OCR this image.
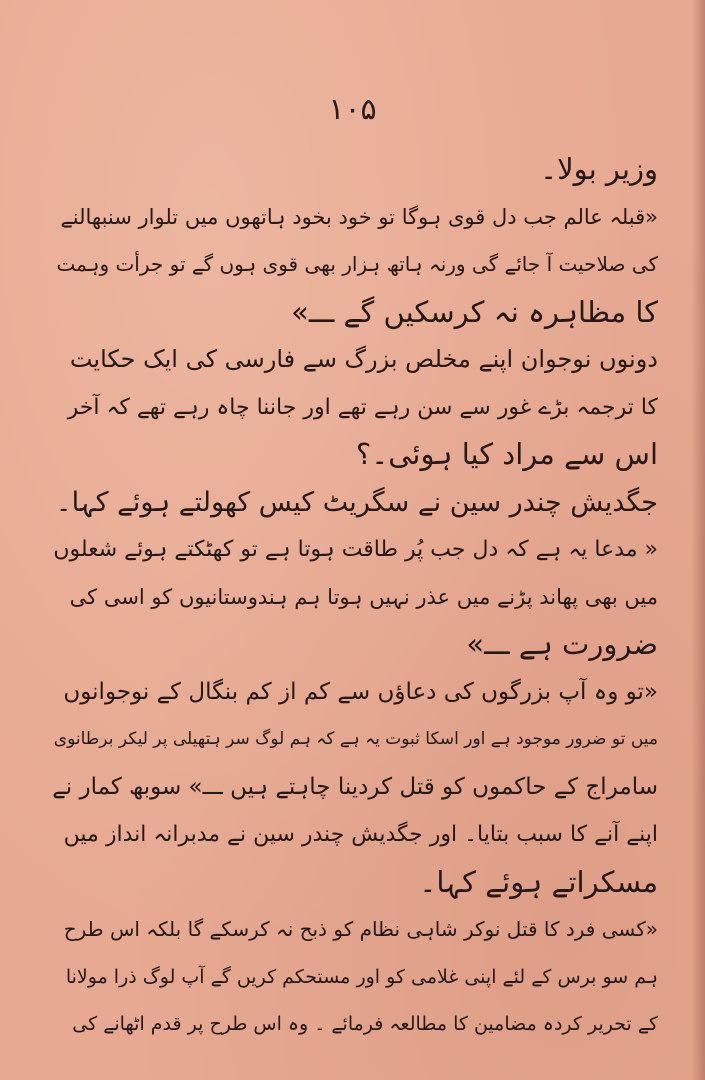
۱۰۵
وزیر بولا۔
«قبلہ عالم جب دل قوی ہوگا تو خود بخود ہاتھوں میں تلوار سنبھالنے
کی صلاحیت آ جائے گی ورنہ ہاتھ ہزار بھی قوی ہوں گے تو جرأت وہمت
کا مظاہرہ نہ کرسکیں گے ـــ»
دونوں نوجوان اپنے مخلص بزرگ سے فارسی کی ایک حکایت
کا ترجمہ بڑے غور سے سن رہے تھے اور جاننا چاہ رہے تھے کہ آخر
اس سے مراد کیا ہوئی۔؟
جگدیش چندر سین نے سگریٹ کیس کھولتے ہوئے کہا۔
« مدعا یہ ہے کہ دل جب پُر طاقت ہوتا ہے تو کھٹکتے ہوئے شعلوں
میں بھی پھاند پڑنے میں عذر نہیں ہوتا ہم ہندوستانیوں کو اسی کی
ضرورت ہے ـــ»
«تو وہ آپ بزرگوں کی دعاؤں سے کم از کم بنگال کے نوجوانوں
میں تو ضرور موجود ہے اور اسکا ثبوت یہ ہے کہ ہم لوگ سر ہتھیلی پر لیکر برطانوی
سامراج کے حاکموں کو قتل کردینا چاہتے ہیں ـــ» سوبھ کمار نے
اپنے آنے کا سبب بتایا۔ اور جگدیش چندر سین نے مدبرانہ انداز میں
مسکراتے ہوئے کہا۔
«کسی فرد کا قتل نوکر شاہی نظام کو ذبح نہ کرسکے گا بلکہ اس طرح
ہم سو برس کے لئے اپنی غلامی کو اور مستحکم کریں گے آپ لوگ ذرا مولانا
کے تحریر کردہ مضامین کا مطالعہ فرمائے ۔ وہ اس طرح پر قدم اٹھانے کی
